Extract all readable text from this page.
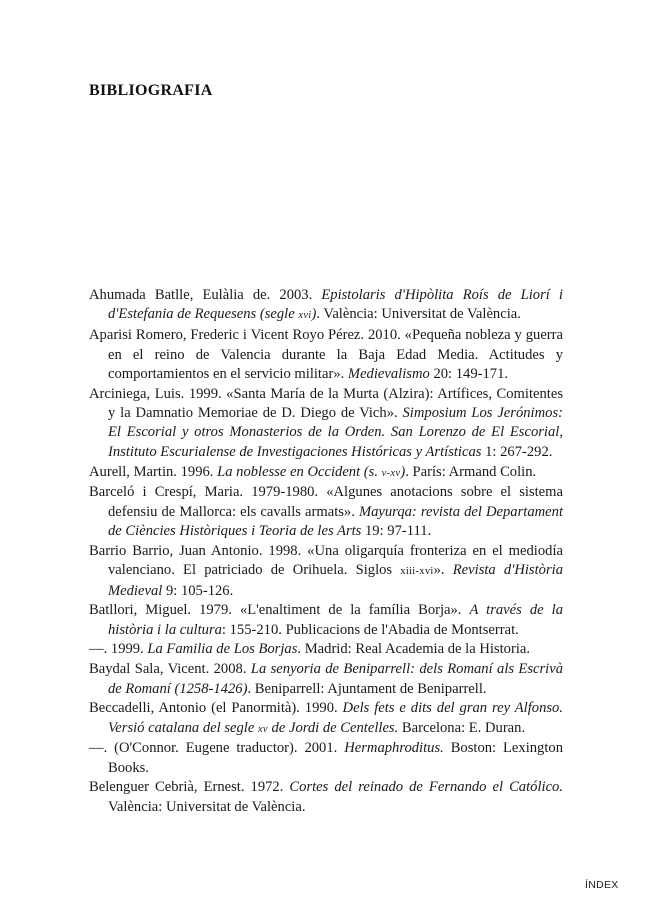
BIBLIOGRAFIA
Ahumada Batlle, Eulàlia de. 2003. Epistolaris d'Hipòlita Roís de Liorí i d'Estefania de Requesens (segle xvi). València: Universitat de València.
Aparisi Romero, Frederic i Vicent Royo Pérez. 2010. «Pequeña nobleza y guerra en el reino de Valencia durante la Baja Edad Media. Actitudes y comportamientos en el servicio militar». Medievalismo 20: 149-171.
Arciniega, Luis. 1999. «Santa María de la Murta (Alzira): Artífices, Comitentes y la Damnatio Memoriae de D. Diego de Vich». Simposium Los Jerónimos: El Escorial y otros Monasterios de la Orden. San Lorenzo de El Escorial, Instituto Escurialense de Investigaciones Históricas y Artísticas 1: 267-292.
Aurell, Martin. 1996. La noblesse en Occident (s. v-xv). París: Armand Colin.
Barceló i Crespí, Maria. 1979-1980. «Algunes anotacions sobre el sistema defensiu de Mallorca: els cavalls armats». Mayurqa: revista del Departament de Ciències Històriques i Teoria de les Arts 19: 97-111.
Barrio Barrio, Juan Antonio. 1998. «Una oligarquía fronteriza en el mediodía valenciano. El patriciado de Orihuela. Siglos xiii-xvi». Revista d'Història Medieval 9: 105-126.
Batllori, Miguel. 1979. «L'enaltiment de la família Borja». A través de la història i la cultura: 155-210. Publicacions de l'Abadia de Montserrat.
—. 1999. La Familia de Los Borjas. Madrid: Real Academia de la Historia.
Baydal Sala, Vicent. 2008. La senyoria de Beniparrell: dels Romaní als Escrivà de Romaní (1258-1426). Beniparrell: Ajuntament de Beniparrell.
Beccadelli, Antonio (el Panormità). 1990. Dels fets e dits del gran rey Alfonso. Versió catalana del segle xv de Jordi de Centelles. Barcelona: E. Duran.
—. (O'Connor. Eugene traductor). 2001. Hermaphroditus. Boston: Lexington Books.
Belenguer Cebrià, Ernest. 1972. Cortes del reinado de Fernando el Católico. València: Universitat de València.
ÍNDEX
